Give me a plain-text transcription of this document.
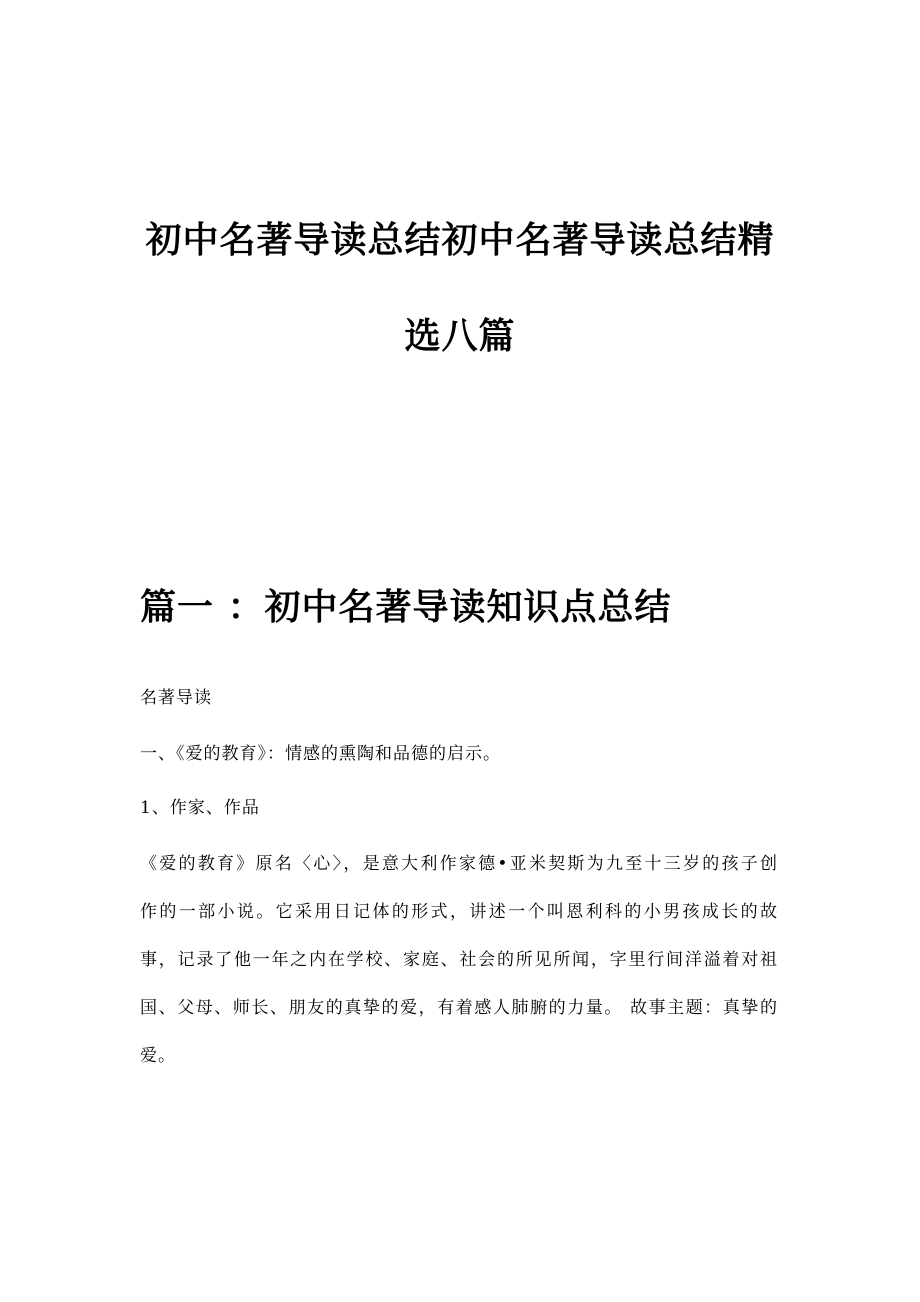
初中名著导读总结初中名著导读总结精
选八篇
篇一 ：初中名著导读知识点总结
名著导读
一、《爱的教育》：情感的熏陶和品德的启示。
1、作家、作品
《爱的教育》原名〈心〉，是意大利作家德•亚米契斯为九至十三岁的孩子创
作的一部小说。它采用日记体的形式，讲述一个叫恩利科的小男孩成长的故
事，记录了他一年之内在学校、家庭、社会的所见所闻，字里行间洋溢着对祖
国、父母、师长、朋友的真挚的爱，有着感人肺腑的力量。 故事主题：真挚的
爱。
